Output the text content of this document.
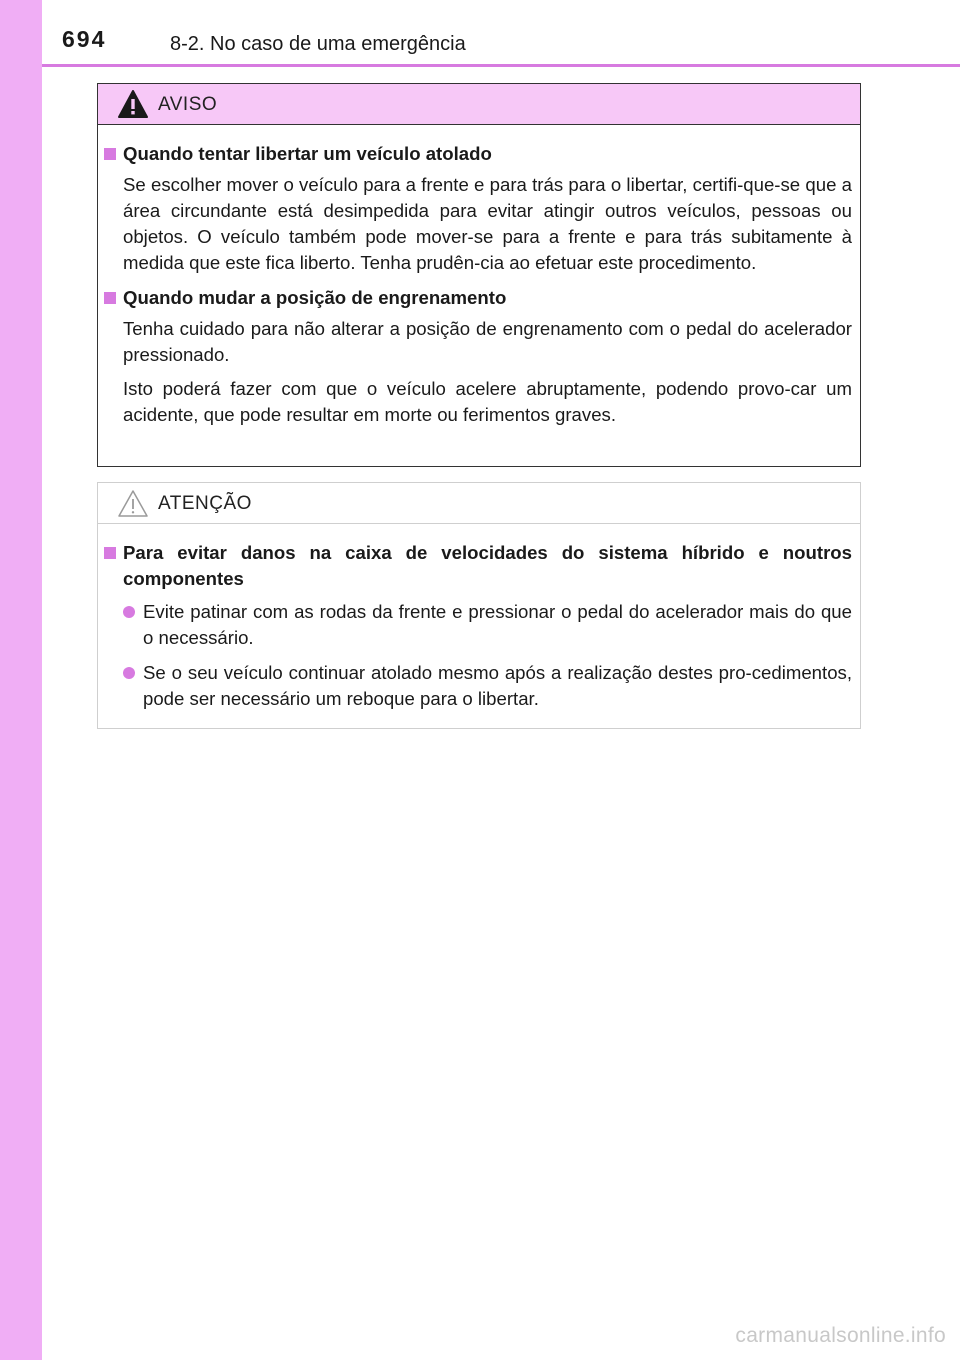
694	8-2. No caso de uma emergência
AVISO
Quando tentar libertar um veículo atolado
Se escolher mover o veículo para a frente e para trás para o libertar, certifi-que-se que a área circundante está desimpedida para evitar atingir outros veículos, pessoas ou objetos. O veículo também pode mover-se para a frente e para trás subitamente à medida que este fica liberto. Tenha prudên-cia ao efetuar este procedimento.
Quando mudar a posição de engrenamento
Tenha cuidado para não alterar a posição de engrenamento com o pedal do acelerador pressionado.
Isto poderá fazer com que o veículo acelere abruptamente, podendo provo-car um acidente, que pode resultar em morte ou ferimentos graves.
ATENÇÃO
Para evitar danos na caixa de velocidades do sistema híbrido e noutros componentes
Evite patinar com as rodas da frente e pressionar o pedal do acelerador mais do que o necessário.
Se o seu veículo continuar atolado mesmo após a realização destes pro-cedimentos, pode ser necessário um reboque para o libertar.
carmanualsonline.info
